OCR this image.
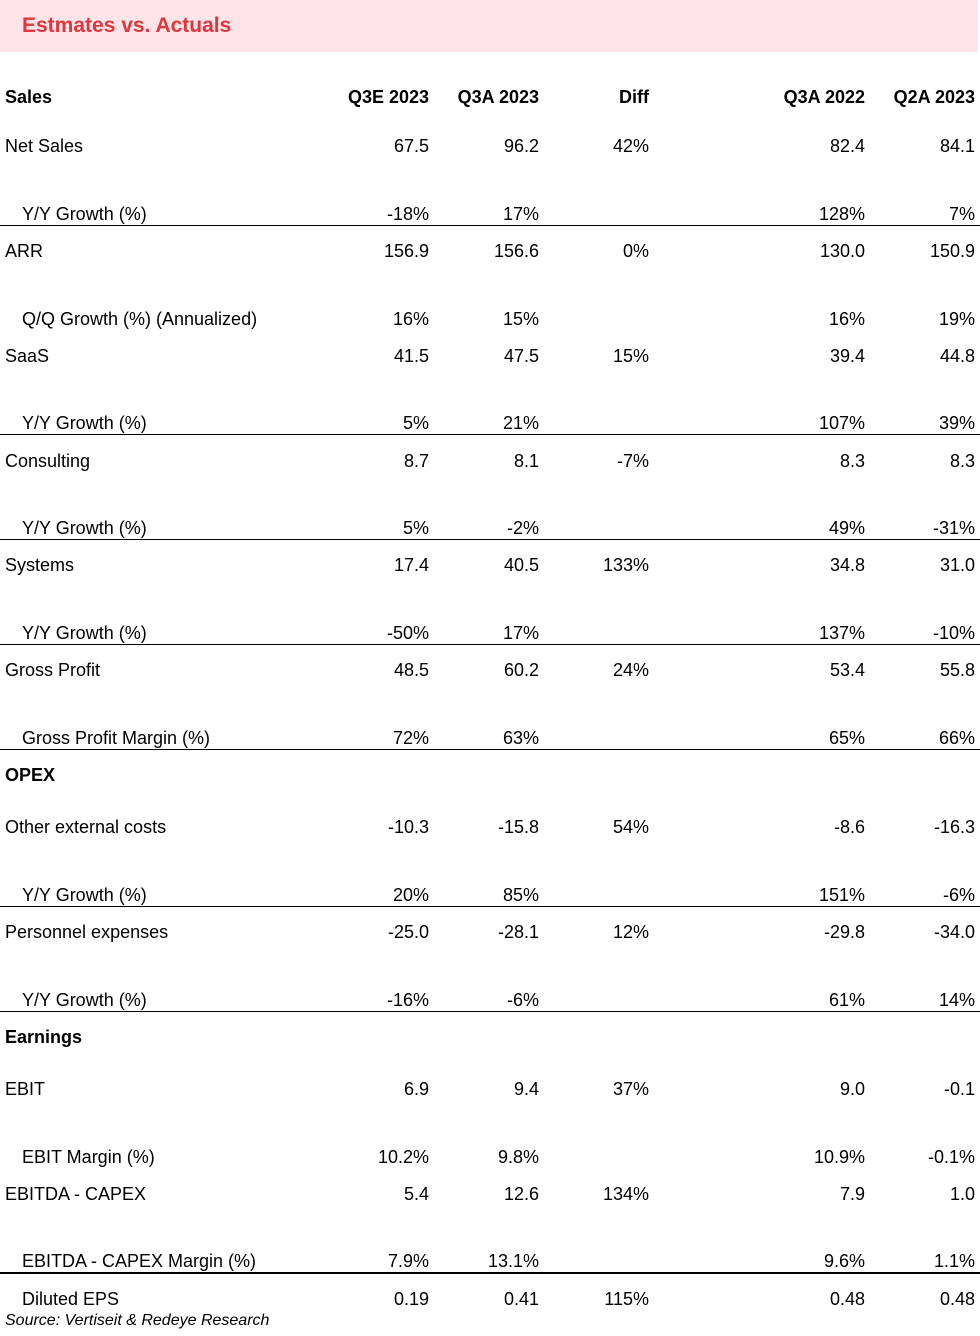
Estmates vs. Actuals
Sales	Q3E 2023	Q3A 2023	Diff		Q3A 2022	Q2A 2023
Net Sales	67.5	96.2	42%		82.4	84.1
Y/Y Growth (%)	-18%	17%			128%	7%
ARR	156.9	156.6	0%		130.0	150.9
Q/Q Growth (%) (Annualized)	16%	15%			16%	19%
SaaS	41.5	47.5	15%		39.4	44.8
Y/Y Growth (%)	5%	21%			107%	39%
Consulting	8.7	8.1	-7%		8.3	8.3
Y/Y Growth (%)	5%	-2%			49%	-31%
Systems	17.4	40.5	133%		34.8	31.0
Y/Y Growth (%)	-50%	17%			137%	-10%
Gross Profit	48.5	60.2	24%		53.4	55.8
Gross Profit Margin (%)	72%	63%			65%	66%
OPEX						
Other external costs	-10.3	-15.8	54%		-8.6	-16.3
Y/Y Growth (%)	20%	85%			151%	-6%
Personnel expenses	-25.0	-28.1	12%		-29.8	-34.0
Y/Y Growth (%)	-16%	-6%			61%	14%
Earnings						
EBIT	6.9	9.4	37%		9.0	-0.1
EBIT Margin (%)	10.2%	9.8%			10.9%	-0.1%
EBITDA - CAPEX	5.4	12.6	134%		7.9	1.0
EBITDA - CAPEX Margin (%)	7.9%	13.1%			9.6%	1.1%
Diluted EPS	0.19	0.41	115%		0.48	0.48
Source: Vertiseit & Redeye Research
